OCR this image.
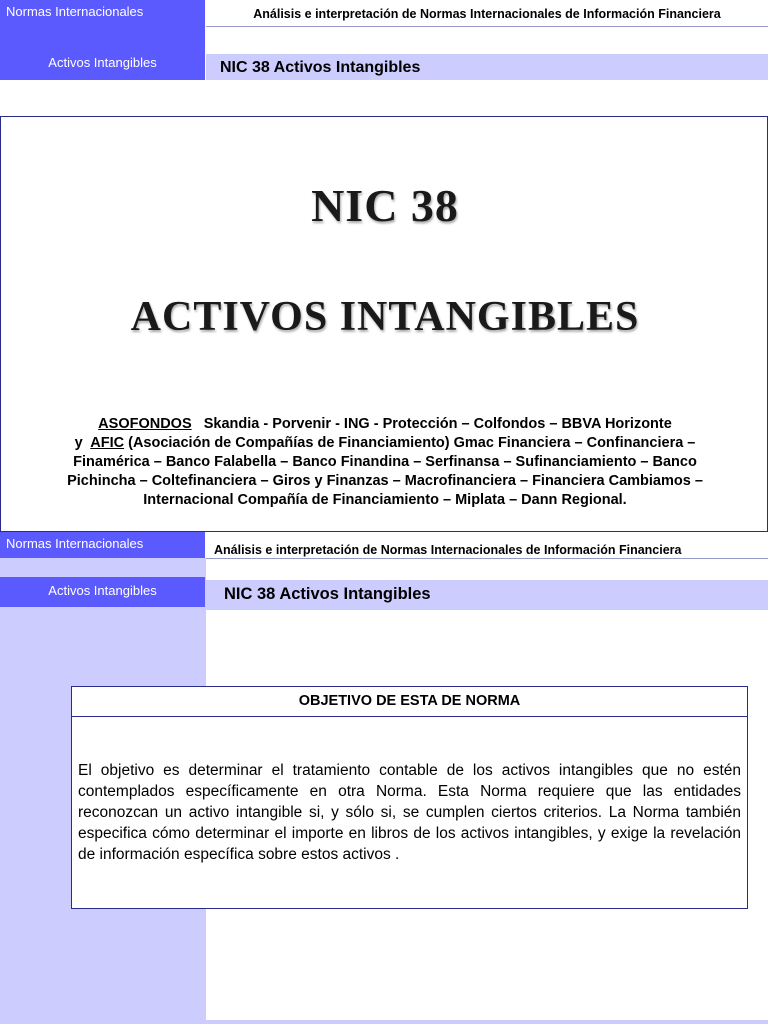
Normas Internacionales	Análisis e interpretación de Normas Internacionales de Información Financiera
Activos Intangibles	NIC 38 Activos Intangibles
NIC 38
ACTIVOS INTANGIBLES
ASOFONDOS Skandia - Porvenir - ING - Protección – Colfondos – BBVA Horizonte
y AFIC (Asociación de Compañías de Financiamiento) Gmac Financiera – Confinanciera – Finamérica – Banco Falabella – Banco Finandina – Serfinansa – Sufinanciamiento – Banco Pichincha – Coltefinanciera – Giros y Finanzas – Macrofinanciera – Financiera Cambiamos – Internacional Compañía de Financiamiento – Miplata – Dann Regional.
Normas Internacionales	Análisis e interpretación de Normas Internacionales de Información Financiera
Activos Intangibles	NIC 38 Activos Intangibles
OBJETIVO DE ESTA DE NORMA
El objetivo es determinar el tratamiento contable de los activos intangibles que no estén contemplados específicamente en otra Norma. Esta Norma requiere que las entidades reconozcan un activo intangible si, y sólo si, se cumplen ciertos criterios. La Norma también especifica cómo determinar el importe en libros de los activos intangibles, y exige la revelación de información específica sobre estos activos .
